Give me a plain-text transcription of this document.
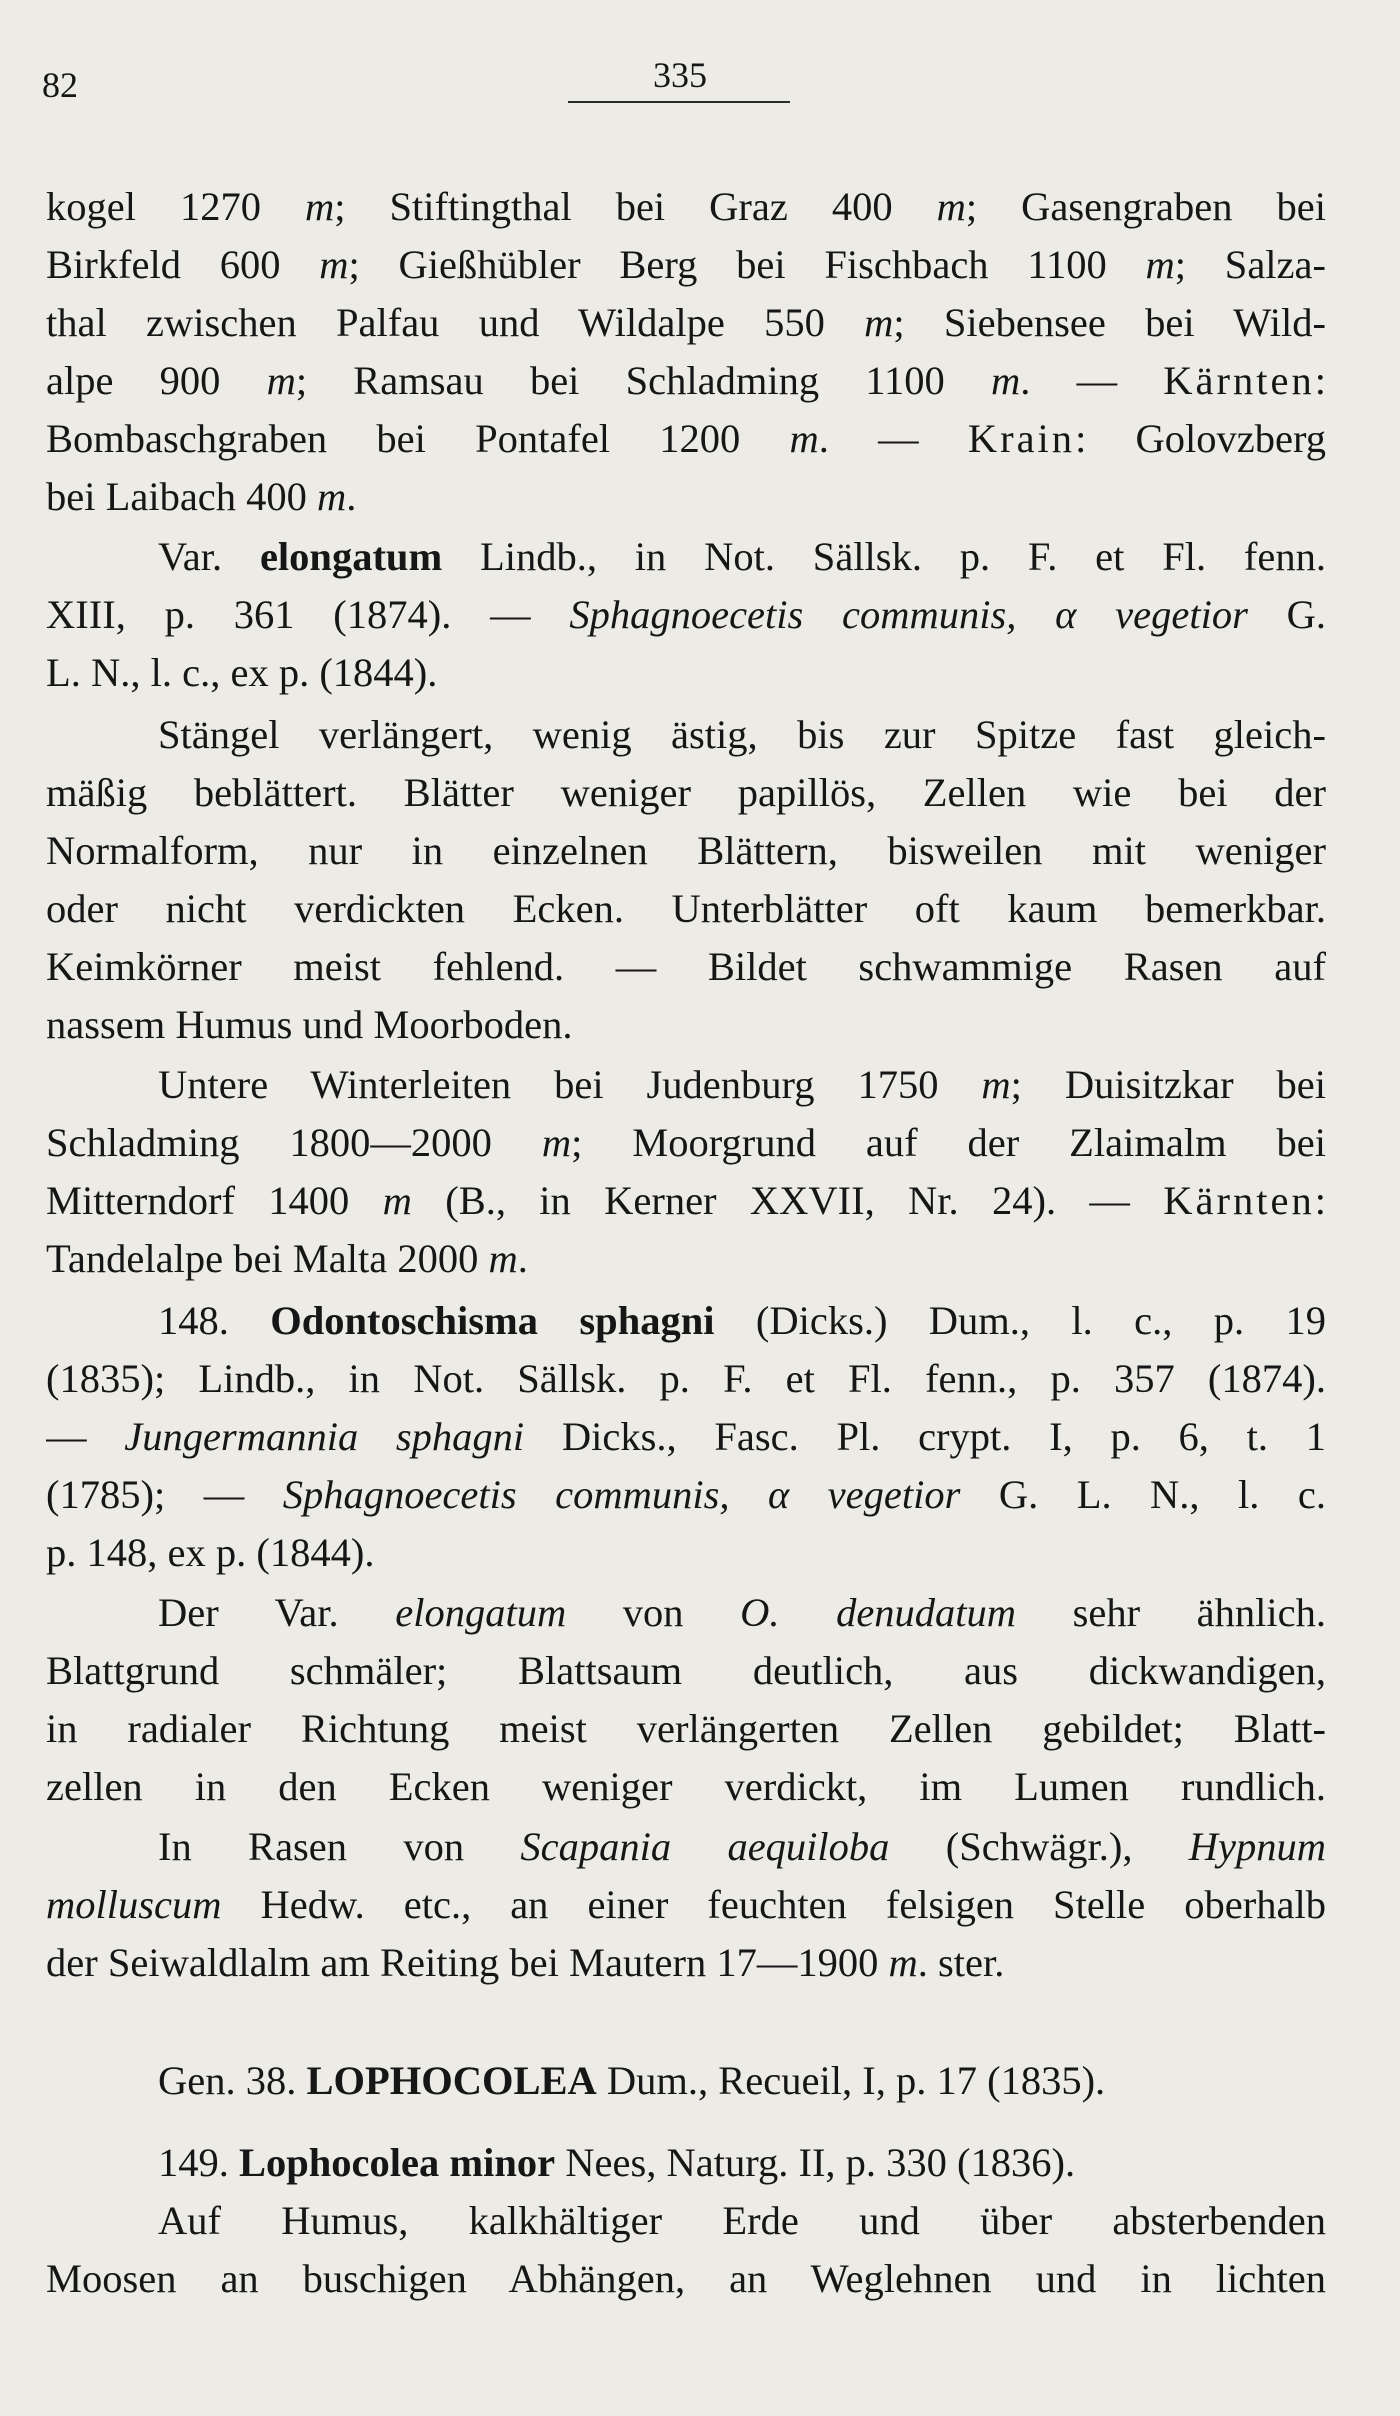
82	335
kogel 1270 m; Stiftingthal bei Graz 400 m; Gasengraben bei
Birkfeld 600 m; Gießhübler Berg bei Fischbach 1100 m; Salza-
thal zwischen Palfau und Wildalpe 550 m; Siebensee bei Wild-
alpe 900 m; Ramsau bei Schladming 1100 m. — Kärnten:
Bombaschgraben bei Pontafel 1200 m. — Krain: Golovzberg
bei Laibach 400 m.
Var. elongatum Lindb., in Not. Sällsk. p. F. et Fl. fenn.
XIII, p. 361 (1874). — Sphagnoecetis communis, α vegetior G.
L. N., l. c., ex p. (1844).
Stängel verlängert, wenig ästig, bis zur Spitze fast gleich-
mäßig beblättert. Blätter weniger papillös, Zellen wie bei der
Normalform, nur in einzelnen Blättern, bisweilen mit weniger
oder nicht verdickten Ecken. Unterblätter oft kaum bemerkbar.
Keimkörner meist fehlend. — Bildet schwammige Rasen auf
nassem Humus und Moorboden.
Untere Winterleiten bei Judenburg 1750 m; Duisitzkar bei
Schladming 1800—2000 m; Moorgrund auf der Zlaimalm bei
Mitterndorf 1400 m (B., in Kerner XXVII, Nr. 24). — Kärnten:
Tandelalpe bei Malta 2000 m.
148. Odontoschisma sphagni (Dicks.) Dum., l. c., p. 19
(1835); Lindb., in Not. Sällsk. p. F. et Fl. fenn., p. 357 (1874).
— Jungermannia sphagni Dicks., Fasc. Pl. crypt. I, p. 6, t. 1
(1785); — Sphagnoecetis communis, α vegetior G. L. N., l. c.
p. 148, ex p. (1844).
Der Var. elongatum von O. denudatum sehr ähnlich.
Blattgrund schmäler; Blattsaum deutlich, aus dickwandigen,
in radialer Richtung meist verlängerten Zellen gebildet; Blatt-
zellen in den Ecken weniger verdickt, im Lumen rundlich.
In Rasen von Scapania aequiloba (Schwägr.), Hypnum
molluscum Hedw. etc., an einer feuchten felsigen Stelle oberhalb
der Seiwaldlalm am Reiting bei Mautern 17—1900 m. ster.
Gen. 38. LOPHOCOLEA Dum., Recueil, I, p. 17 (1835).
149. Lophocolea minor Nees, Naturg. II, p. 330 (1836).
Auf Humus, kalkhältiger Erde und über absterbenden
Moosen an buschigen Abhängen, an Weglehnen und in lichten
